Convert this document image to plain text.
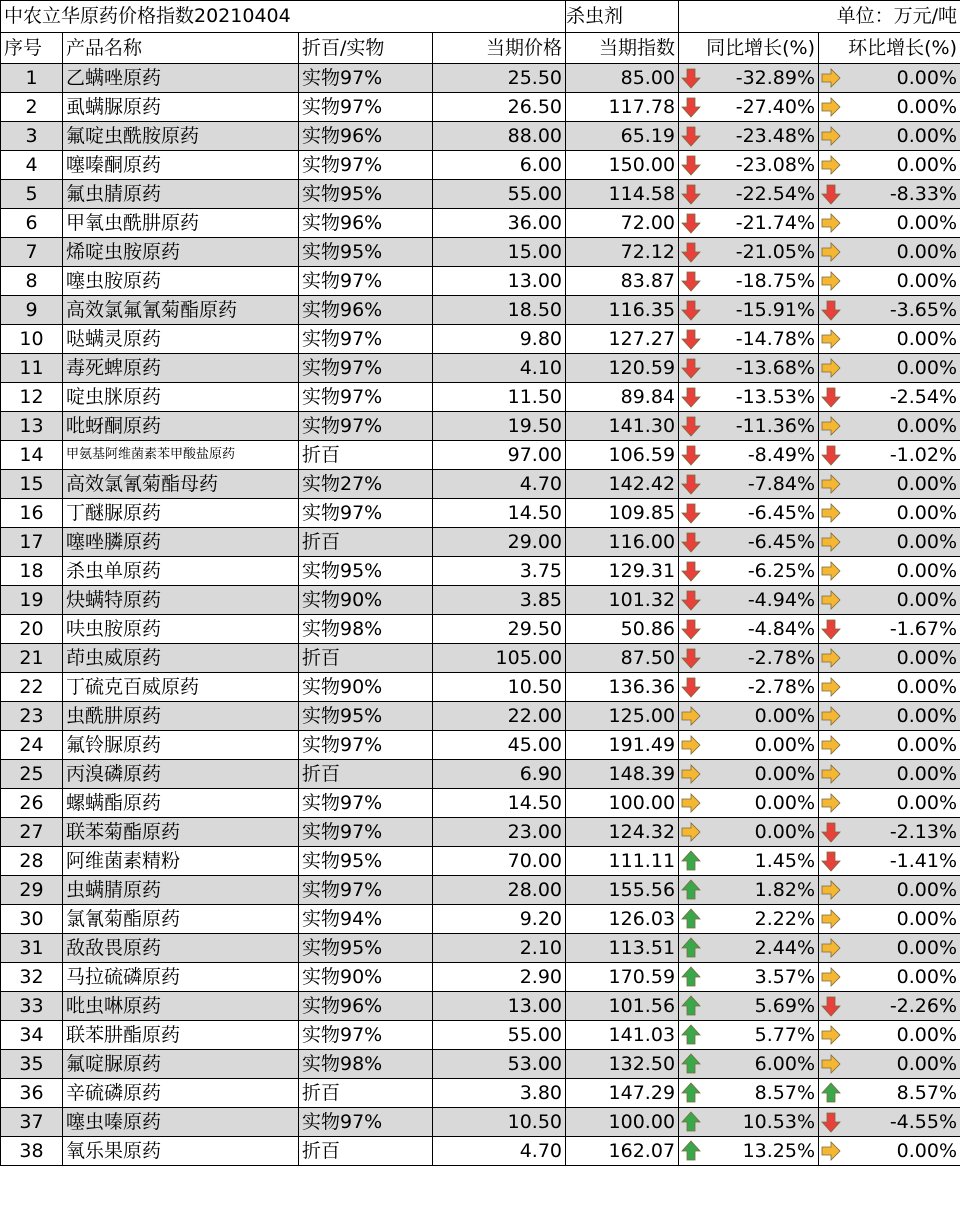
中农立华原药价格指数20210404				杀虫剂	单位：万元/吨	
序号	产品名称	折百/实物	当期价格	当期指数	同比增长(%)	环比增长(%)
1	乙螨唑原药	实物97%	25.50	85.00	-32.89%	0.00%
2	虱螨脲原药	实物97%	26.50	117.78	-27.40%	0.00%
3	氟啶虫酰胺原药	实物96%	88.00	65.19	-23.48%	0.00%
4	噻嗪酮原药	实物97%	6.00	150.00	-23.08%	0.00%
5	氟虫腈原药	实物95%	55.00	114.58	-22.54%	-8.33%
6	甲氧虫酰肼原药	实物96%	36.00	72.00	-21.74%	0.00%
7	烯啶虫胺原药	实物95%	15.00	72.12	-21.05%	0.00%
8	噻虫胺原药	实物97%	13.00	83.87	-18.75%	0.00%
9	高效氯氟氰菊酯原药	实物96%	18.50	116.35	-15.91%	-3.65%
10	哒螨灵原药	实物97%	9.80	127.27	-14.78%	0.00%
11	毒死蜱原药	实物97%	4.10	120.59	-13.68%	0.00%
12	啶虫脒原药	实物97%	11.50	89.84	-13.53%	-2.54%
13	吡蚜酮原药	实物97%	19.50	141.30	-11.36%	0.00%
14	甲氨基阿维菌素苯甲酸盐原药	折百	97.00	106.59	-8.49%	-1.02%
15	高效氯氰菊酯母药	实物27%	4.70	142.42	-7.84%	0.00%
16	丁醚脲原药	实物97%	14.50	109.85	-6.45%	0.00%
17	噻唑膦原药	折百	29.00	116.00	-6.45%	0.00%
18	杀虫单原药	实物95%	3.75	129.31	-6.25%	0.00%
19	炔螨特原药	实物90%	3.85	101.32	-4.94%	0.00%
20	呋虫胺原药	实物98%	29.50	50.86	-4.84%	-1.67%
21	茚虫威原药	折百	105.00	87.50	-2.78%	0.00%
22	丁硫克百威原药	实物90%	10.50	136.36	-2.78%	0.00%
23	虫酰肼原药	实物95%	22.00	125.00	0.00%	0.00%
24	氟铃脲原药	实物97%	45.00	191.49	0.00%	0.00%
25	丙溴磷原药	折百	6.90	148.39	0.00%	0.00%
26	螺螨酯原药	实物97%	14.50	100.00	0.00%	0.00%
27	联苯菊酯原药	实物97%	23.00	124.32	0.00%	-2.13%
28	阿维菌素精粉	实物95%	70.00	111.11	1.45%	-1.41%
29	虫螨腈原药	实物97%	28.00	155.56	1.82%	0.00%
30	氯氰菊酯原药	实物94%	9.20	126.03	2.22%	0.00%
31	敌敌畏原药	实物95%	2.10	113.51	2.44%	0.00%
32	马拉硫磷原药	实物90%	2.90	170.59	3.57%	0.00%
33	吡虫啉原药	实物96%	13.00	101.56	5.69%	-2.26%
34	联苯肼酯原药	实物97%	55.00	141.03	5.77%	0.00%
35	氟啶脲原药	实物98%	53.00	132.50	6.00%	0.00%
36	辛硫磷原药	折百	3.80	147.29	8.57%	8.57%
37	噻虫嗪原药	实物97%	10.50	100.00	10.53%	-4.55%
38	氧乐果原药	折百	4.70	162.07	13.25%	0.00%
